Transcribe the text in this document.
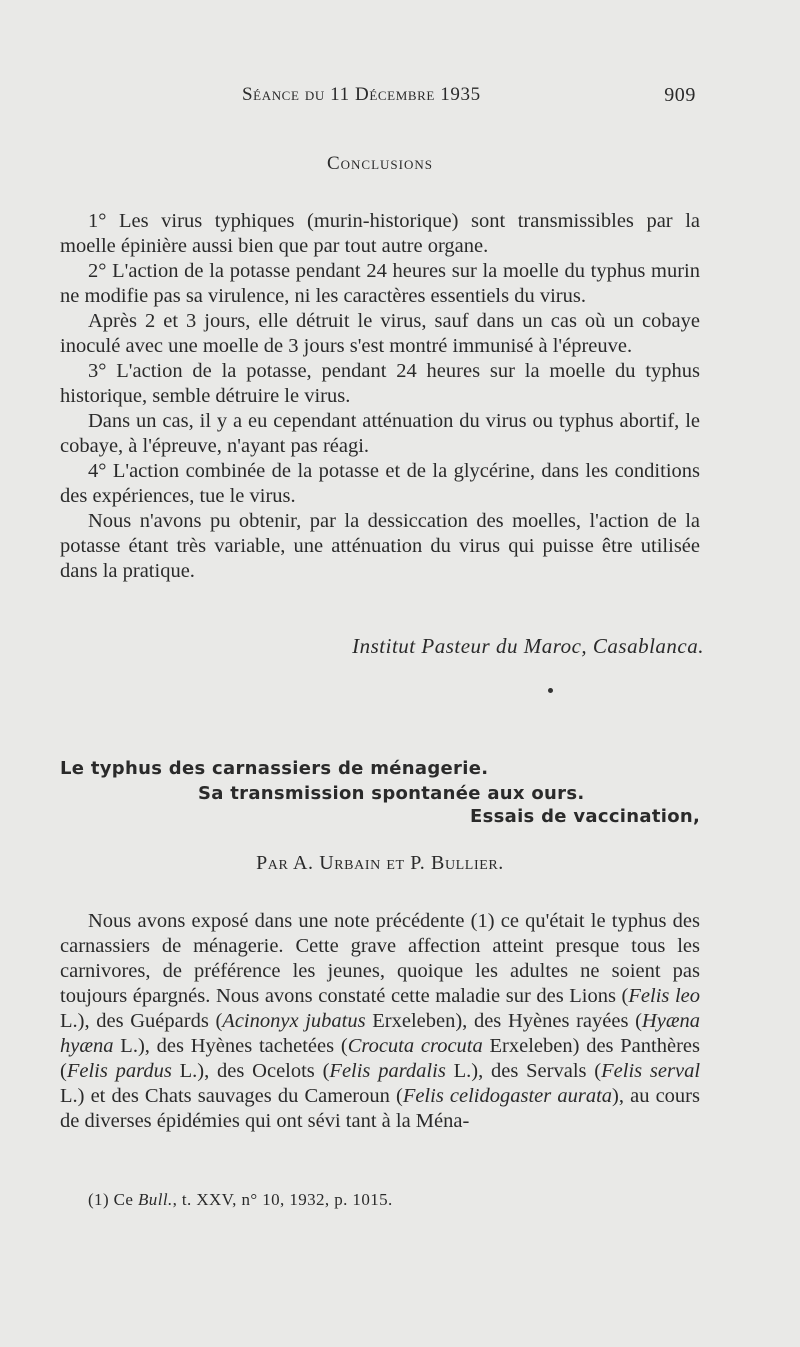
Séance du 11 Décembre 1935	909
Conclusions
1° Les virus typhiques (murin-historique) sont transmissibles par la moelle épinière aussi bien que par tout autre organe.
2° L'action de la potasse pendant 24 heures sur la moelle du typhus murin ne modifie pas sa virulence, ni les caractères essentiels du virus.
Après 2 et 3 jours, elle détruit le virus, sauf dans un cas où un cobaye inoculé avec une moelle de 3 jours s'est montré immunisé à l'épreuve.
3° L'action de la potasse, pendant 24 heures sur la moelle du typhus historique, semble détruire le virus.
Dans un cas, il y a eu cependant atténuation du virus ou typhus abortif, le cobaye, à l'épreuve, n'ayant pas réagi.
4° L'action combinée de la potasse et de la glycérine, dans les conditions des expériences, tue le virus.
Nous n'avons pu obtenir, par la dessiccation des moelles, l'action de la potasse étant très variable, une atténuation du virus qui puisse être utilisée dans la pratique.
Institut Pasteur du Maroc, Casablanca.
Le typhus des carnassiers de ménagerie.
Sa transmission spontanée aux ours.
Essais de vaccination,
Par A. Urbain et P. Bullier.
Nous avons exposé dans une note précédente (1) ce qu'était le typhus des carnassiers de ménagerie. Cette grave affection atteint presque tous les carnivores, de préférence les jeunes, quoique les adultes ne soient pas toujours épargnés. Nous avons constaté cette maladie sur des Lions (Felis leo L.), des Guépards (Acinonyx jubatus Erxeleben), des Hyènes rayées (Hyæna hyæna L.), des Hyènes tachetées (Crocuta crocuta Erxeleben) des Panthères (Felis pardus L.), des Ocelots (Felis pardalis L.), des Servals (Felis serval L.) et des Chats sauvages du Cameroun (Felis celidogaster aurata), au cours de diverses épidémies qui ont sévi tant à la Ména-
(1) Ce Bull., t. XXV, n° 10, 1932, p. 1015.
